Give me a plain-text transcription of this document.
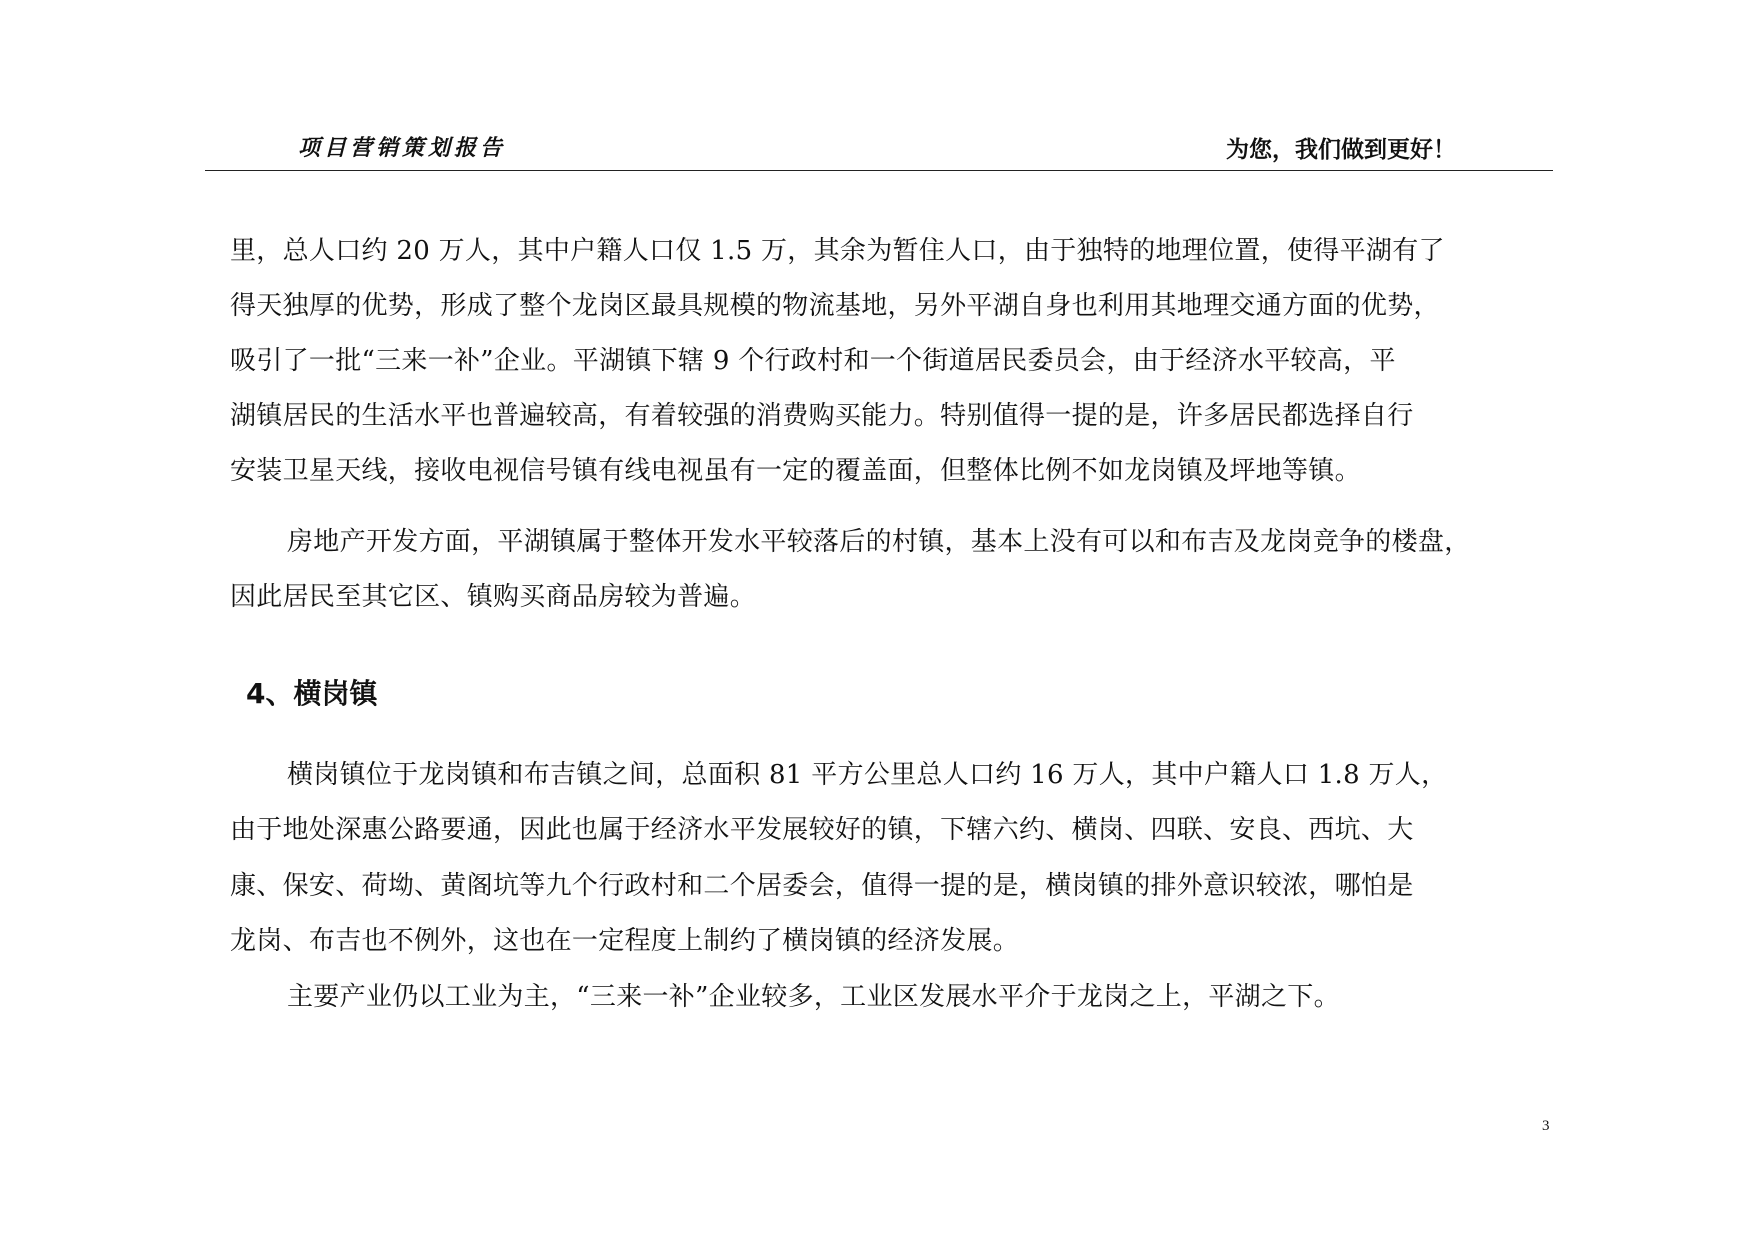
项目营销策划报告	为您，我们做到更好！
里，总人口约 20 万人，其中户籍人口仅 1.5 万，其余为暂住人口，由于独特的地理位置，使得平湖有了
得天独厚的优势，形成了整个龙岗区最具规模的物流基地，另外平湖自身也利用其地理交通方面的优势，
吸引了一批“三来一补”企业。平湖镇下辖 9 个行政村和一个街道居民委员会，由于经济水平较高，平
湖镇居民的生活水平也普遍较高，有着较强的消费购买能力。特别值得一提的是，许多居民都选择自行
安装卫星天线，接收电视信号镇有线电视虽有一定的覆盖面，但整体比例不如龙岗镇及坪地等镇。
房地产开发方面，平湖镇属于整体开发水平较落后的村镇，基本上没有可以和布吉及龙岗竞争的楼盘，
因此居民至其它区、镇购买商品房较为普遍。
4、横岗镇
横岗镇位于龙岗镇和布吉镇之间，总面积 81 平方公里总人口约 16 万人，其中户籍人口 1.8 万人，
由于地处深惠公路要通，因此也属于经济水平发展较好的镇，下辖六约、横岗、四联、安良、西坑、大
康、保安、荷坳、黄阁坑等九个行政村和二个居委会，值得一提的是，横岗镇的排外意识较浓，哪怕是
龙岗、布吉也不例外，这也在一定程度上制约了横岗镇的经济发展。
主要产业仍以工业为主，“三来一补”企业较多，工业区发展水平介于龙岗之上，平湖之下。
3
